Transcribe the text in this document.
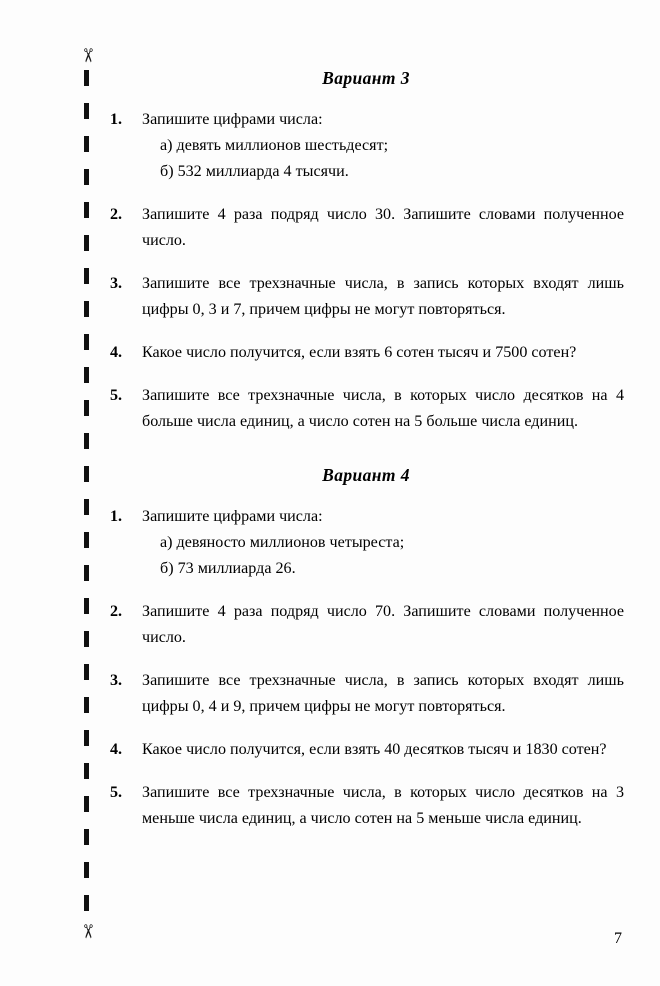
✂
✂
Вариант 3
1. Запишите цифрами числа:
а) девять миллионов шестьдесят;
б) 532 миллиарда 4 тысячи.
2. Запишите 4 раза подряд число 30. Запишите словами полученное число.
3. Запишите все трехзначные числа, в запись которых входят лишь цифры 0, 3 и 7, причем цифры не могут повторяться.
4. Какое число получится, если взять 6 сотен тысяч и 7500 сотен?
5. Запишите все трехзначные числа, в которых число десятков на 4 больше числа единиц, а число сотен на 5 больше числа единиц.
Вариант 4
1. Запишите цифрами числа:
а) девяносто миллионов четыреста;
б) 73 миллиарда 26.
2. Запишите 4 раза подряд число 70. Запишите словами полученное число.
3. Запишите все трехзначные числа, в запись которых входят лишь цифры 0, 4 и 9, причем цифры не могут повторяться.
4. Какое число получится, если взять 40 десятков тысяч и 1830 сотен?
5. Запишите все трехзначные числа, в которых число десятков на 3 меньше числа единиц, а число сотен на 5 меньше числа единиц.
7
